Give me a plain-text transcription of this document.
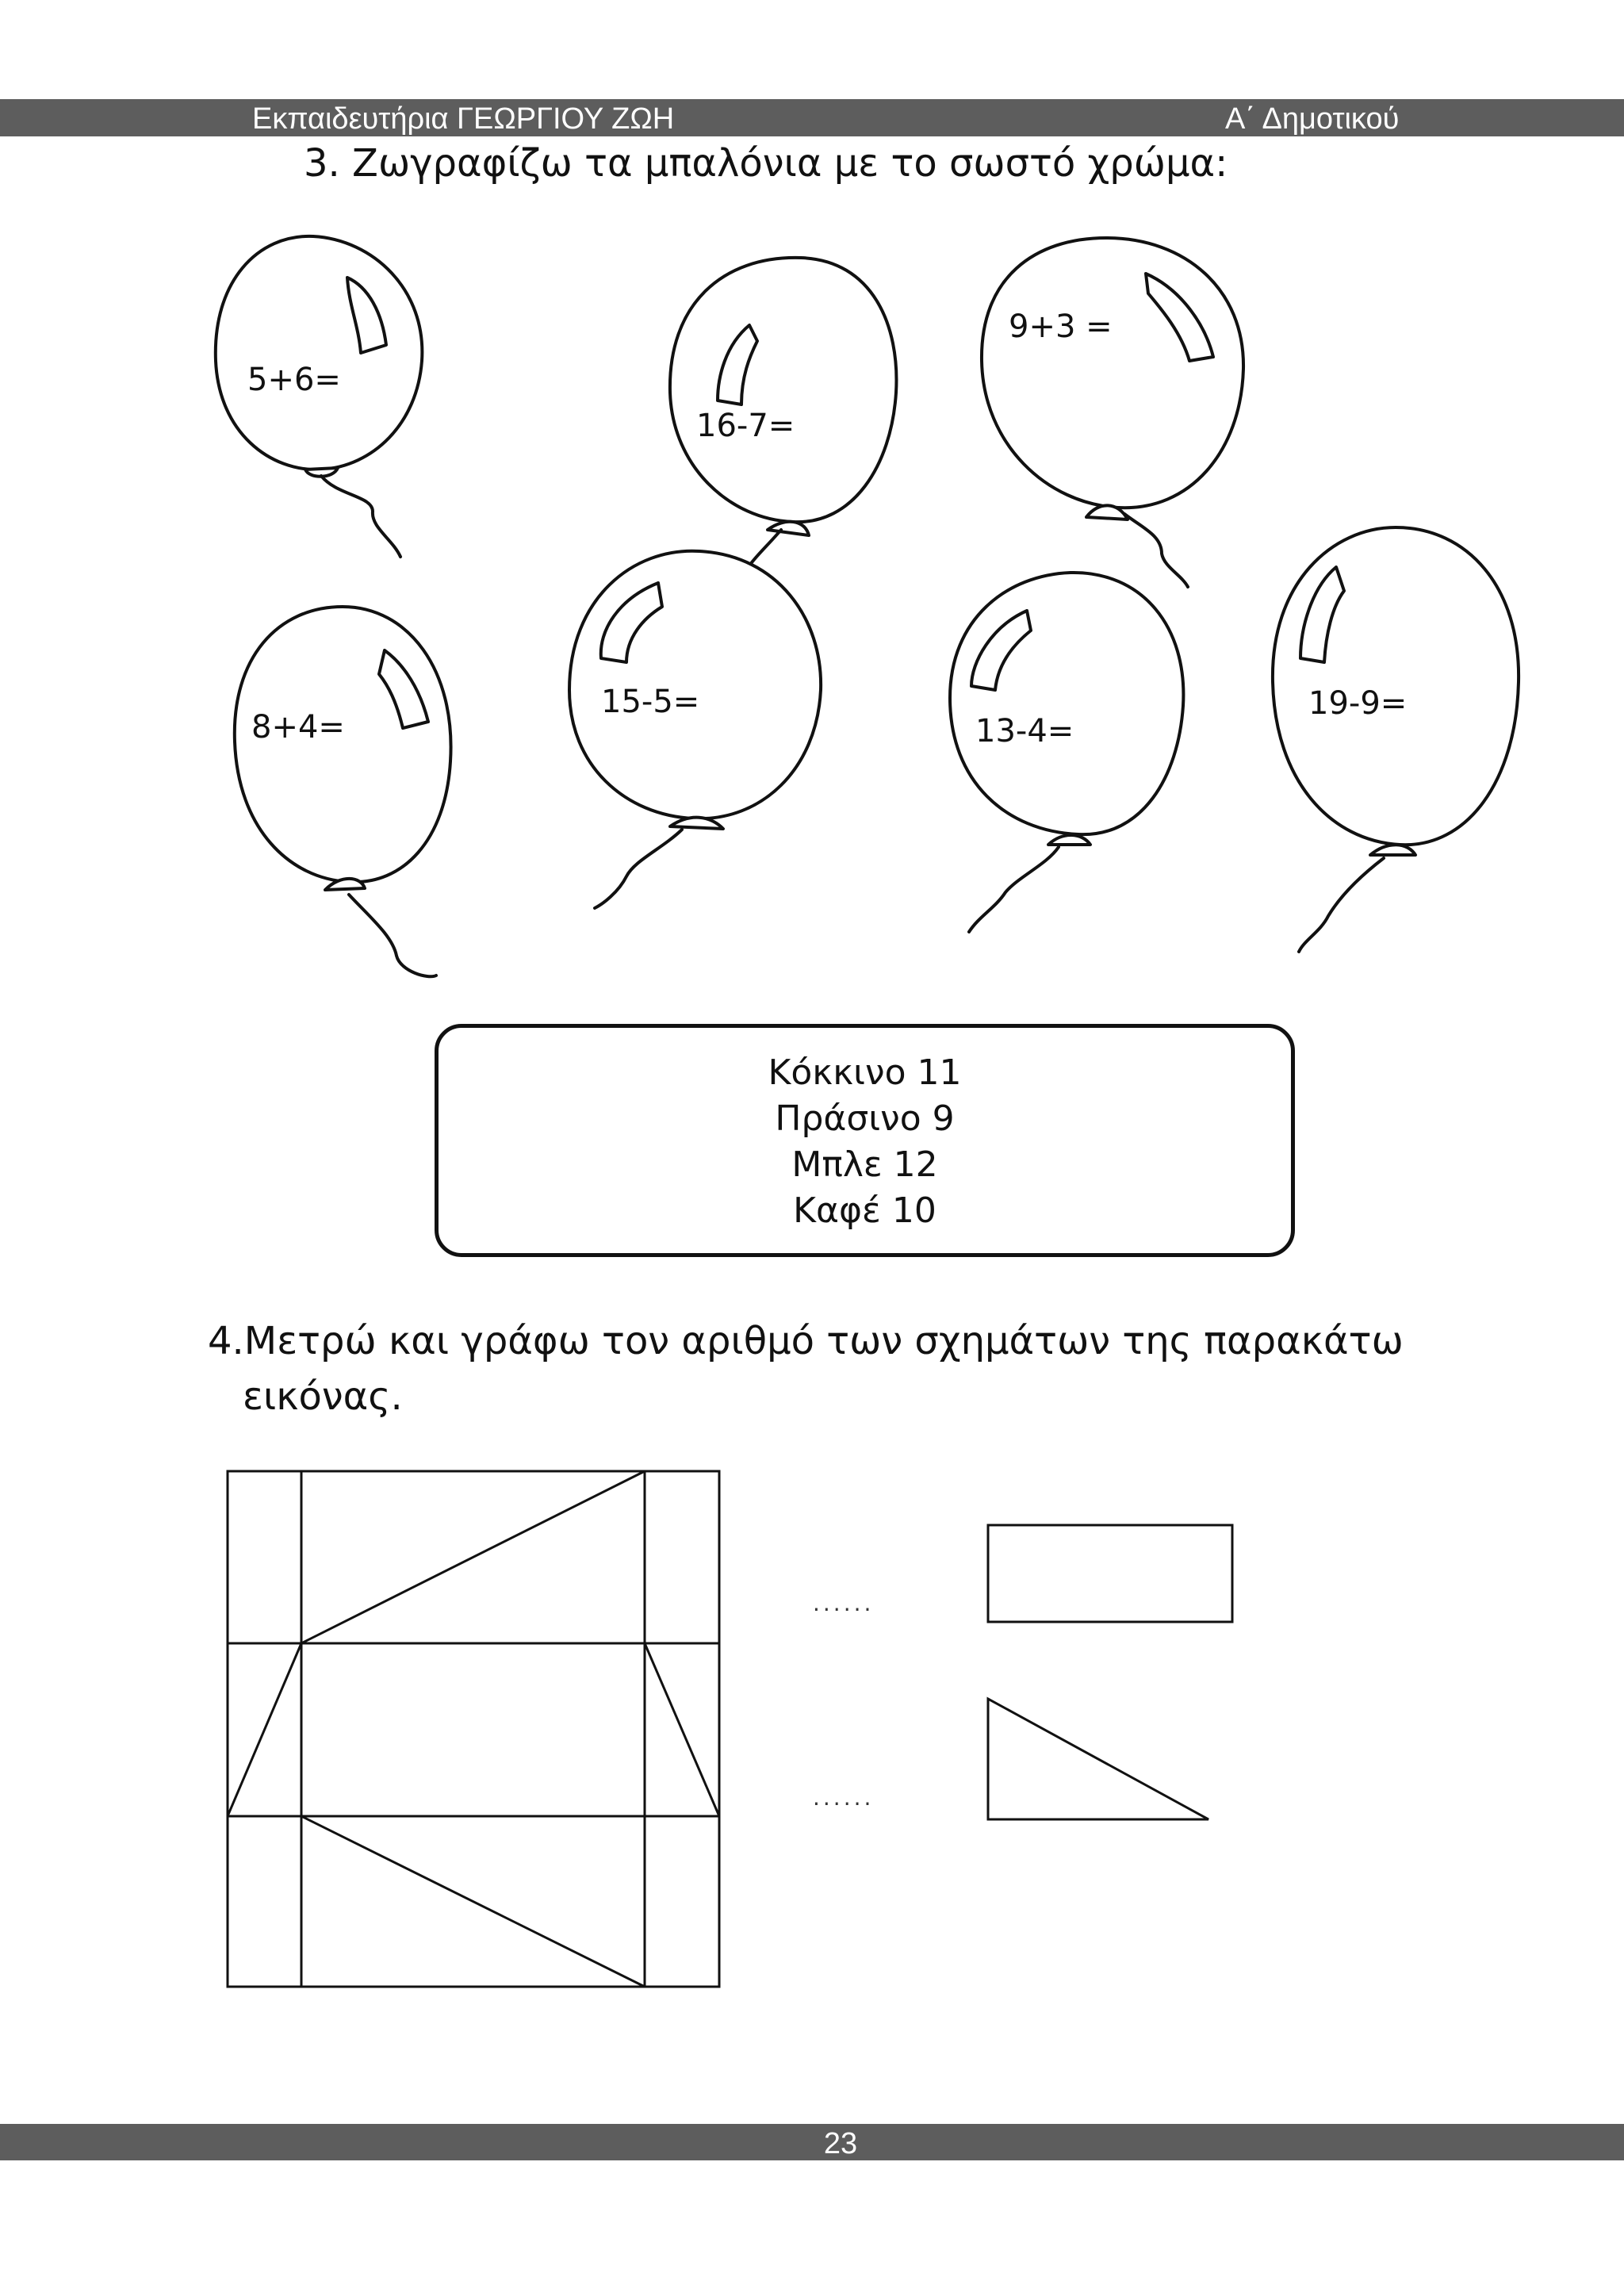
Εκπαιδευτήρια ΓΕΩΡΓΙΟΥ ΖΩΗ	Α΄ Δημοτικού
3. Ζωγραφίζω τα μπαλόνια με το σωστό χρώμα:
5+6=
16-7=
9+3 =
8+4=
15-5=
13-4=
19-9=
Κόκκινο 11
Πράσινο 9
Μπλε 12
Καφέ 10
4.Μετρώ και γράφω τον αριθμό των σχημάτων της παρακάτω
εικόνας.
......
......
23
